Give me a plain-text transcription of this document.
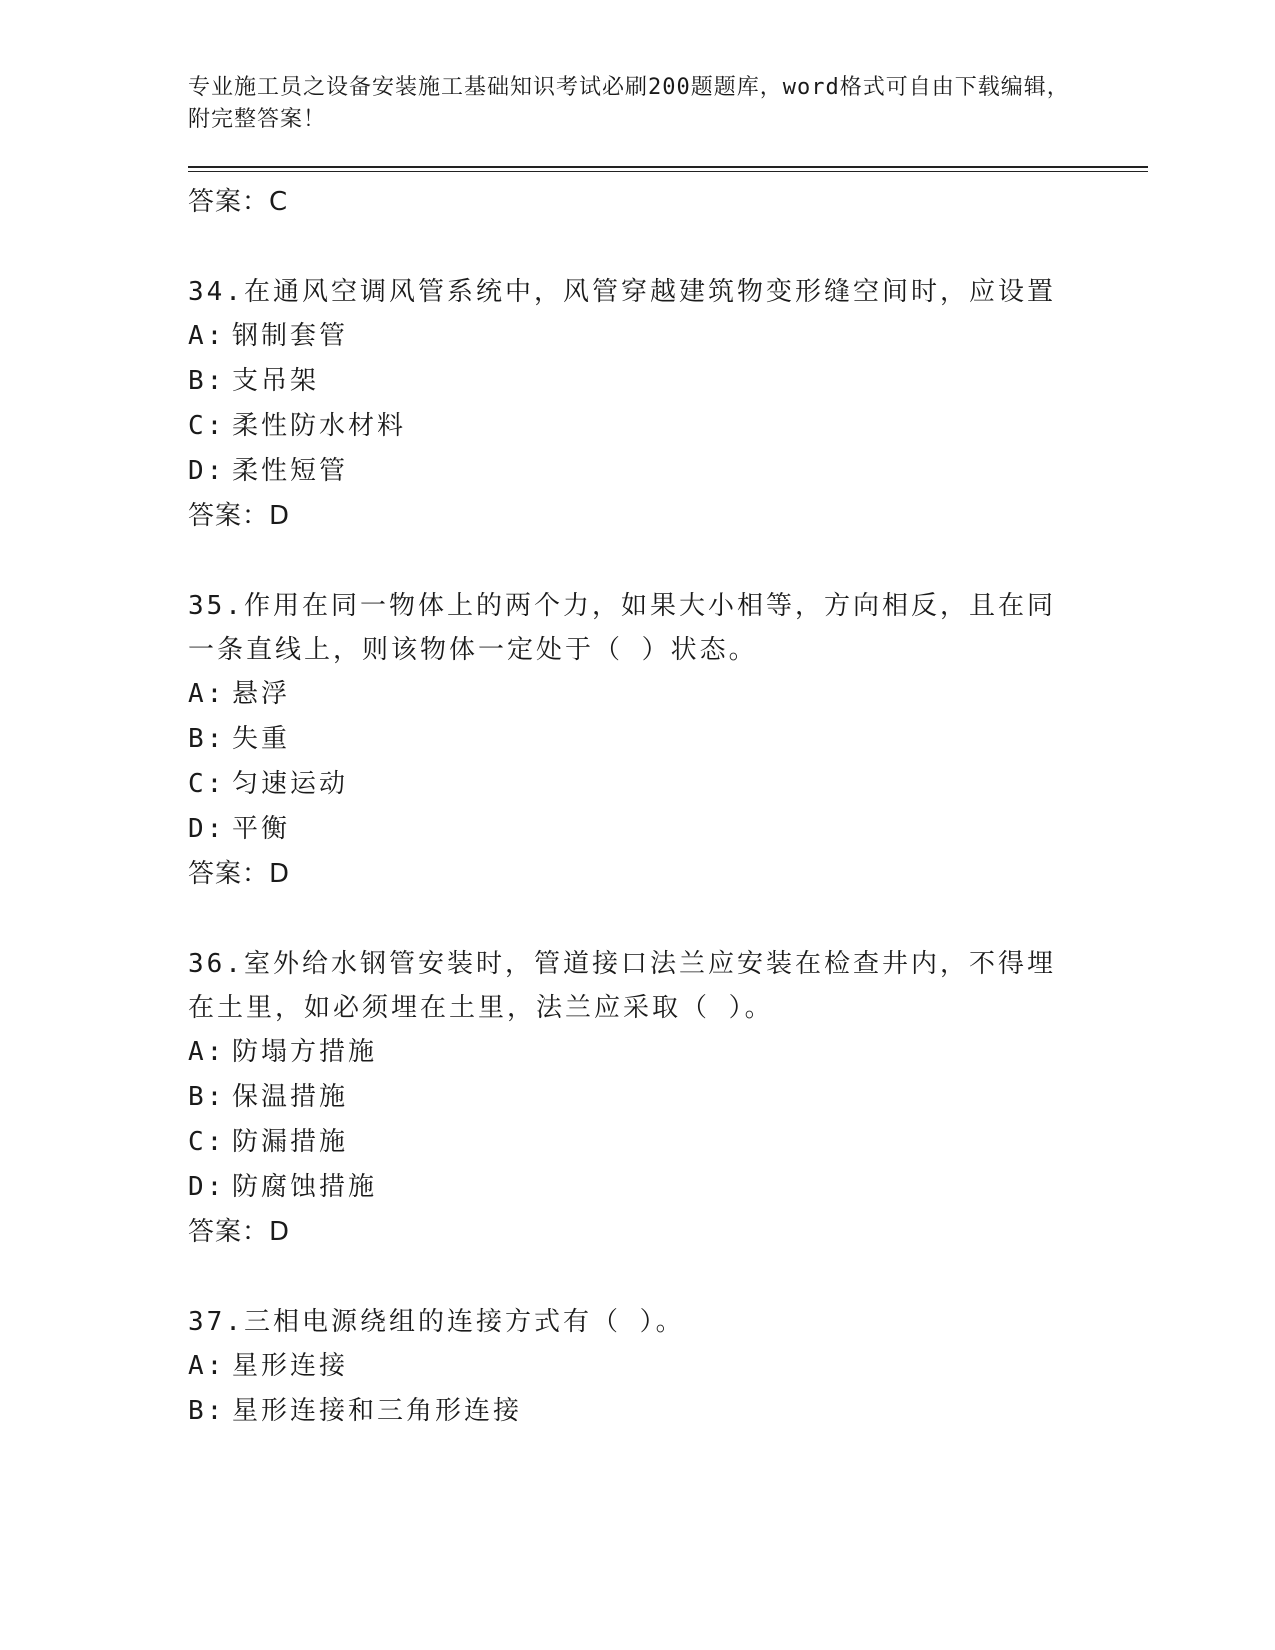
专业施工员之设备安装施工基础知识考试必刷200题题库，word格式可自由下载编辑，附完整答案！
答案：C
34.在通风空调风管系统中，风管穿越建筑物变形缝空间时，应设置
A: 钢制套管
B: 支吊架
C: 柔性防水材料
D: 柔性短管
答案：D
35.作用在同一物体上的两个力，如果大小相等，方向相反，且在同一条直线上，则该物体一定处于（ ）状态。
A: 悬浮
B: 失重
C: 匀速运动
D: 平衡
答案：D
36.室外给水钢管安装时，管道接口法兰应安装在检查井内，不得埋在土里，如必须埋在土里，法兰应采取（ ）。
A: 防塌方措施
B: 保温措施
C: 防漏措施
D: 防腐蚀措施
答案：D
37.三相电源绕组的连接方式有（ ）。
A: 星形连接
B: 星形连接和三角形连接
